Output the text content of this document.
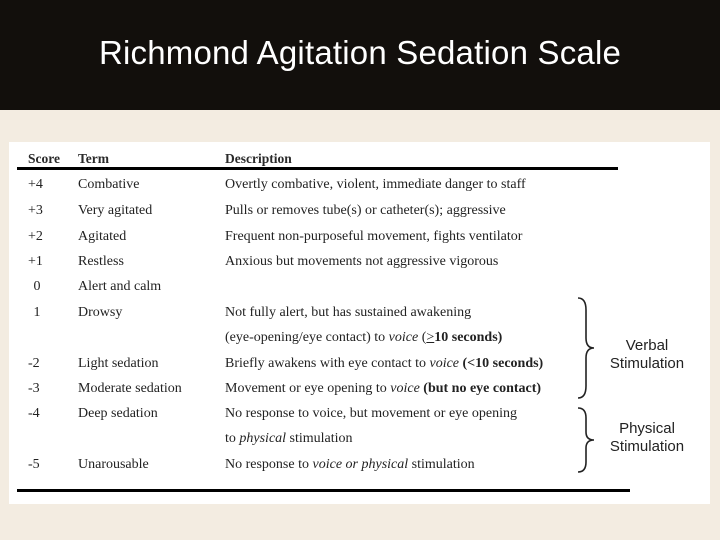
Richmond Agitation Sedation Scale
Score Term	Description
+4	Combative	Overtly combative, violent, immediate danger to staff
+3	Very agitated	Pulls or removes tube(s) or catheter(s); aggressive
+2	Agitated	Frequent non-purposeful movement, fights ventilator
+1	Restless	Anxious but movements not aggressive vigorous
0	Alert and calm
1	Drowsy	Not fully alert, but has sustained awakening
(eye-opening/eye contact) to voice (>10 seconds)
-2	Light sedation	Briefly awakens with eye contact to voice (<10 seconds)
-3	Moderate sedation	Movement or eye opening to voice (but no eye contact)
-4	Deep sedation	No response to voice, but movement or eye opening
to physical stimulation
-5	Unarousable	No response to voice or physical stimulation
Verbal
Stimulation
Physical
Stimulation
